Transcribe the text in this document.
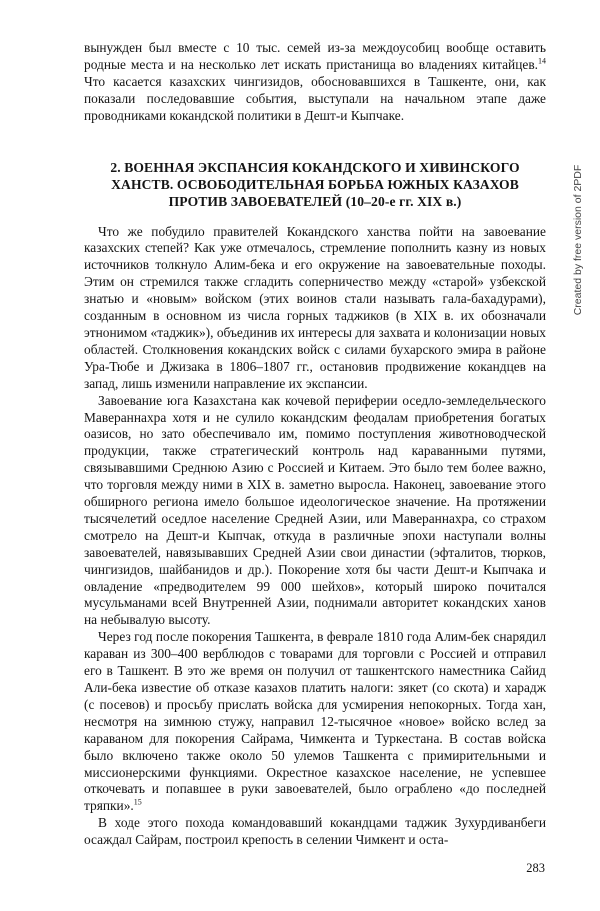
вынужден был вместе с 10 тыс. семей из-за междоусобиц вообще оставить родные места и на несколько лет искать пристанища во владениях китайцев.$^{14}$ Что касается казахских чингизидов, обосновавшихся в Ташкенте, они, как показали последовавшие события, выступали на начальном этапе даже проводниками кокандской политики в Дешт-и Кыпчаке.

2. ВОЕННАЯ ЭКСПАНСИЯ КОКАНДСКОГО И ХИВИНСКОГО
ХАНСТВ. ОСВОБОДИТЕЛЬНАЯ БОРЬБА ЮЖНЫХ КАЗАХОВ
ПРОТИВ ЗАВОЕВАТЕЛЕЙ (10–20-е гг. XIX в.)

Что же побудило правителей Кокандского ханства пойти на завоевание казахских степей? Как уже отмечалось, стремление пополнить казну из новых источников толкнуло Алим-бека и его окружение на завоевательные походы. Этим он стремился также сгладить соперничество между «старой» узбекской знатью и «новым» войском (этих воинов стали называть гала-бахадурами), созданным в основном из числа горных таджиков (в XIX в. их обозначали этнонимом «таджик»), объединив их интересы для захвата и колонизации новых областей. Столкновения кокандских войск с силами бухарского эмира в районе Ура-Тюбе и Джизака в 1806–1807 гг., остановив продвижение кокандцев на запад, лишь изменили направление их экспансии.

Завоевание юга Казахстана как кочевой периферии оседло-земледельческого Мавераннахра хотя и не сулило кокандским феодалам приобретения богатых оазисов, но зато обеспечивало им, помимо поступления животноводческой продукции, также стратегический контроль над караванными путями, связывавшими Среднюю Азию с Россией и Китаем. Это было тем более важно, что торговля между ними в XIX в. заметно выросла. Наконец, завоевание этого обширного региона имело большое идеологическое значение. На протяжении тысячелетий оседлое население Средней Азии, или Мавераннахра, со страхом смотрело на Дешт-и Кыпчак, откуда в различные эпохи наступали волны завоевателей, навязывавших Средней Азии свои династии (эфталитов, тюрков, чингизидов, шайбанидов и др.). Покорение хотя бы части Дешт-и Кыпчака и овладение «предводителем 99 000 шейхов», который широко почитался мусульманами всей Внутренней Азии, поднимали авторитет кокандских ханов на небывалую высоту.

Через год после покорения Ташкента, в феврале 1810 года Алим-бек снарядил караван из 300–400 верблюдов с товарами для торговли с Россией и отправил его в Ташкент. В это же время он получил от ташкентского наместника Сайид Али-бека известие об отказе казахов платить налоги: зякет (со скота) и харадж (с посевов) и просьбу прислать войска для усмирения непокорных. Тогда хан, несмотря на зимнюю стужу, направил 12-тысячное «новое» войско вслед за караваном для покорения Сайрама, Чимкента и Туркестана. В состав войска было включено также около 50 улемов Ташкента с примирительными и миссионерскими функциями. Окрестное казахское население, не успевшее откочевать и попавшее в руки завоевателей, было ограблено «до последней тряпки».$^{15}$

В ходе этого похода командовавший кокандцами таджик Зухурдиванбеги осаждал Сайрам, построил крепость в селении Чимкент и оста-

283
Created by free version of 2PDF
